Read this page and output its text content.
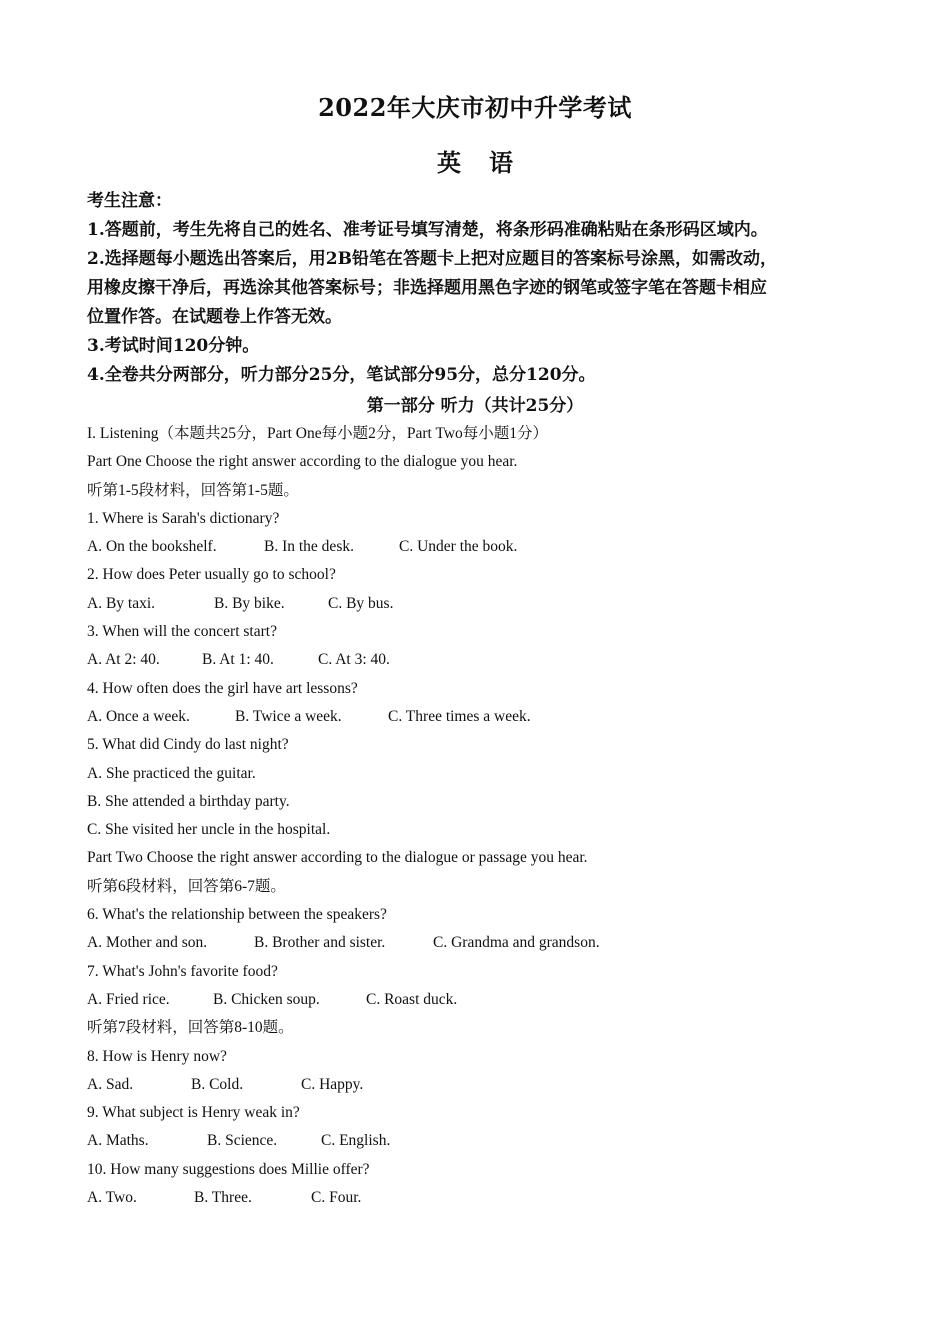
2022年大庆市初中升学考试
英语
考生注意：
1.答题前，考生先将自己的姓名、准考证号填写清楚，将条形码准确粘贴在条形码区域内。
2.选择题每小题选出答案后，用2B铅笔在答题卡上把对应题目的答案标号涂黑，如需改动，
用橡皮擦干净后，再选涂其他答案标号；非选择题用黑色字迹的钢笔或签字笔在答题卡相应
位置作答。在试题卷上作答无效。
3.考试时间120分钟。
4.全卷共分两部分，听力部分25分，笔试部分95分，总分120分。
第一部分 听力（共计25分）
I. Listening（本题共25分，Part One每小题2分，Part Two每小题1分）
Part One Choose the right answer according to the dialogue you hear.
听第1-5段材料，回答第1-5题。
1. Where is Sarah's dictionary?
A. On the bookshelf.	B. In the desk.	C. Under the book.
2. How does Peter usually go to school?
A. By taxi.	B. By bike.	C. By bus.
3. When will the concert start?
A. At 2: 40.	B. At 1: 40.	C. At 3: 40.
4. How often does the girl have art lessons?
A. Once a week.	B. Twice a week.	C. Three times a week.
5. What did Cindy do last night?
A. She practiced the guitar.
B. She attended a birthday party.
C. She visited her uncle in the hospital.
Part Two Choose the right answer according to the dialogue or passage you hear.
听第6段材料，回答第6-7题。
6. What's the relationship between the speakers?
A. Mother and son.	B. Brother and sister.	C. Grandma and grandson.
7. What's John's favorite food?
A. Fried rice.	B. Chicken soup.	C. Roast duck.
听第7段材料，回答第8-10题。
8. How is Henry now?
A. Sad.	B. Cold.	C. Happy.
9. What subject is Henry weak in?
A. Maths.	B. Science.	C. English.
10. How many suggestions does Millie offer?
A. Two.	B. Three.	C. Four.
